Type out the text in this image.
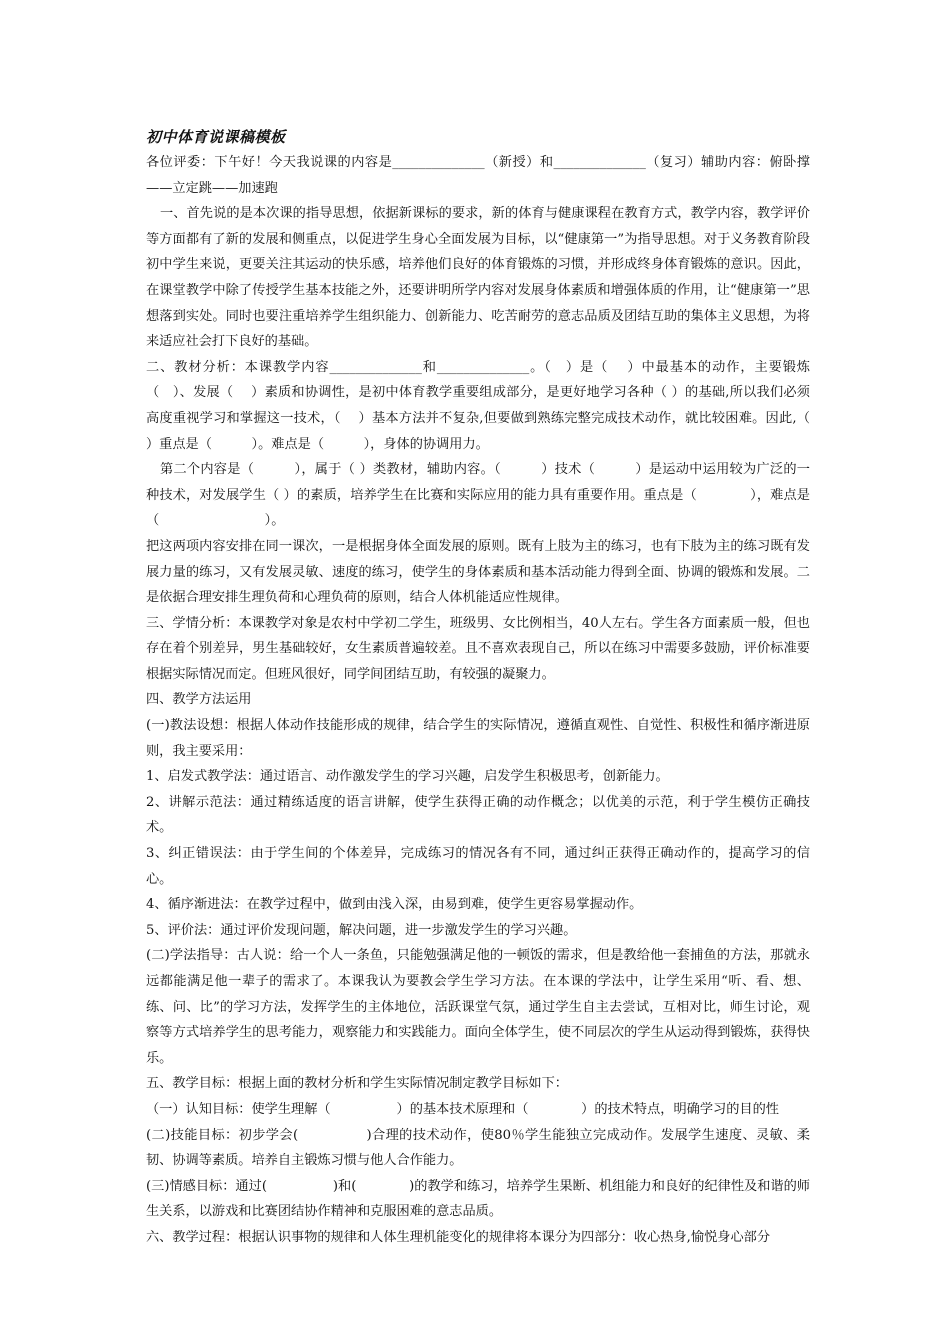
初中体育说课稿模板

各位评委：下午好！今天我说课的内容是______________（新授）和______________（复习）辅助内容：俯卧撑——立定跳——加速跑

一、首先说的是本次课的指导思想，依据新课标的要求，新的体育与健康课程在教育方式，教学内容，教学评价等方面都有了新的发展和侧重点，以促进学生身心全面发展为目标，以“健康第一”为指导思想。对于义务教育阶段初中学生来说，更要关注其运动的快乐感，培养他们良好的体育锻炼的习惯，并形成终身体育锻炼的意识。因此，在课堂教学中除了传授学生基本技能之外，还要讲明所学内容对发展身体素质和增强体质的作用，让“健康第一”思想落到实处。同时也要注重培养学生组织能力、创新能力、吃苦耐劳的意志品质及团结互助的集体主义思想，为将来适应社会打下良好的基础。

二、教材分析：本课教学内容______________和______________。（　）是（　 ）中最基本的动作，主要锻炼（　）、发展（　 ）素质和协调性，是初中体育教学重要组成部分，是更好地学习各种（ ）的基础,所以我们必须高度重视学习和掌握这一技术，（　 ）基本方法并不复杂,但要做到熟练完整完成技术动作，就比较困难。因此,（　 ）重点是（　　　）。难点是（　　　），身体的协调用力。

第二个内容是（　　　），属于（ ）类教材，辅助内容。（　　　）技术（　　　）是运动中运用较为广泛的一种技术，对发展学生（ ）的素质，培养学生在比赛和实际应用的能力具有重要作用。重点是（　　　　），难点是（　　　　　　　　）。

把这两项内容安排在同一课次，一是根据身体全面发展的原则。既有上肢为主的练习，也有下肢为主的练习既有发展力量的练习，又有发展灵敏、速度的练习，使学生的身体素质和基本活动能力得到全面、协调的锻炼和发展。二是依据合理安排生理负荷和心理负荷的原则，结合人体机能适应性规律。

三、学情分析：本课教学对象是农村中学初二学生，班级男、女比例相当，40人左右。学生各方面素质一般，但也存在着个别差异，男生基础较好，女生素质普遍较差。且不喜欢表现自己，所以在练习中需要多鼓励，评价标准要根据实际情况而定。但班风很好，同学间团结互助，有较强的凝聚力。

四、教学方法运用

(一)教法设想：根据人体动作技能形成的规律，结合学生的实际情况，遵循直观性、自觉性、积极性和循序渐进原则，我主要采用：

1、启发式教学法：通过语言、动作激发学生的学习兴趣，启发学生积极思考，创新能力。

2、讲解示范法：通过精练适度的语言讲解，使学生获得正确的动作概念；以优美的示范，利于学生模仿正确技术。

3、纠正错误法：由于学生间的个体差异，完成练习的情况各有不同，通过纠正获得正确动作的，提高学习的信心。

4、循序渐进法：在教学过程中，做到由浅入深，由易到难，使学生更容易掌握动作。

5、评价法：通过评价发现问题，解决问题，进一步激发学生的学习兴趣。

(二)学法指导：古人说：给一个人一条鱼，只能勉强满足他的一顿饭的需求，但是教给他一套捕鱼的方法，那就永远都能满足他一辈子的需求了。本课我认为要教会学生学习方法。在本课的学法中，让学生采用“听、看、想、练、问、比”的学习方法，发挥学生的主体地位，活跃课堂气氛，通过学生自主去尝试，互相对比，师生讨论，观察等方式培养学生的思考能力，观察能力和实践能力。面向全体学生，使不同层次的学生从运动得到锻炼，获得快乐。

五、教学目标：根据上面的教材分析和学生实际情况制定教学目标如下：

（一）认知目标：使学生理解（　　　　　）的基本技术原理和（　　　　）的技术特点，明确学习的目的性

(二)技能目标：初步学会(　　　　　)合理的技术动作，使80％学生能独立完成动作。发展学生速度、灵敏、柔韧、协调等素质。培养自主锻炼习惯与他人合作能力。

(三)情感目标：通过(　　　　　)和(　　　　)的教学和练习，培养学生果断、机组能力和良好的纪律性及和谐的师生关系，以游戏和比赛团结协作精神和克服困难的意志品质。

六、教学过程：根据认识事物的规律和人体生理机能变化的规律将本课分为四部分：收心热身,愉悦身心部分
